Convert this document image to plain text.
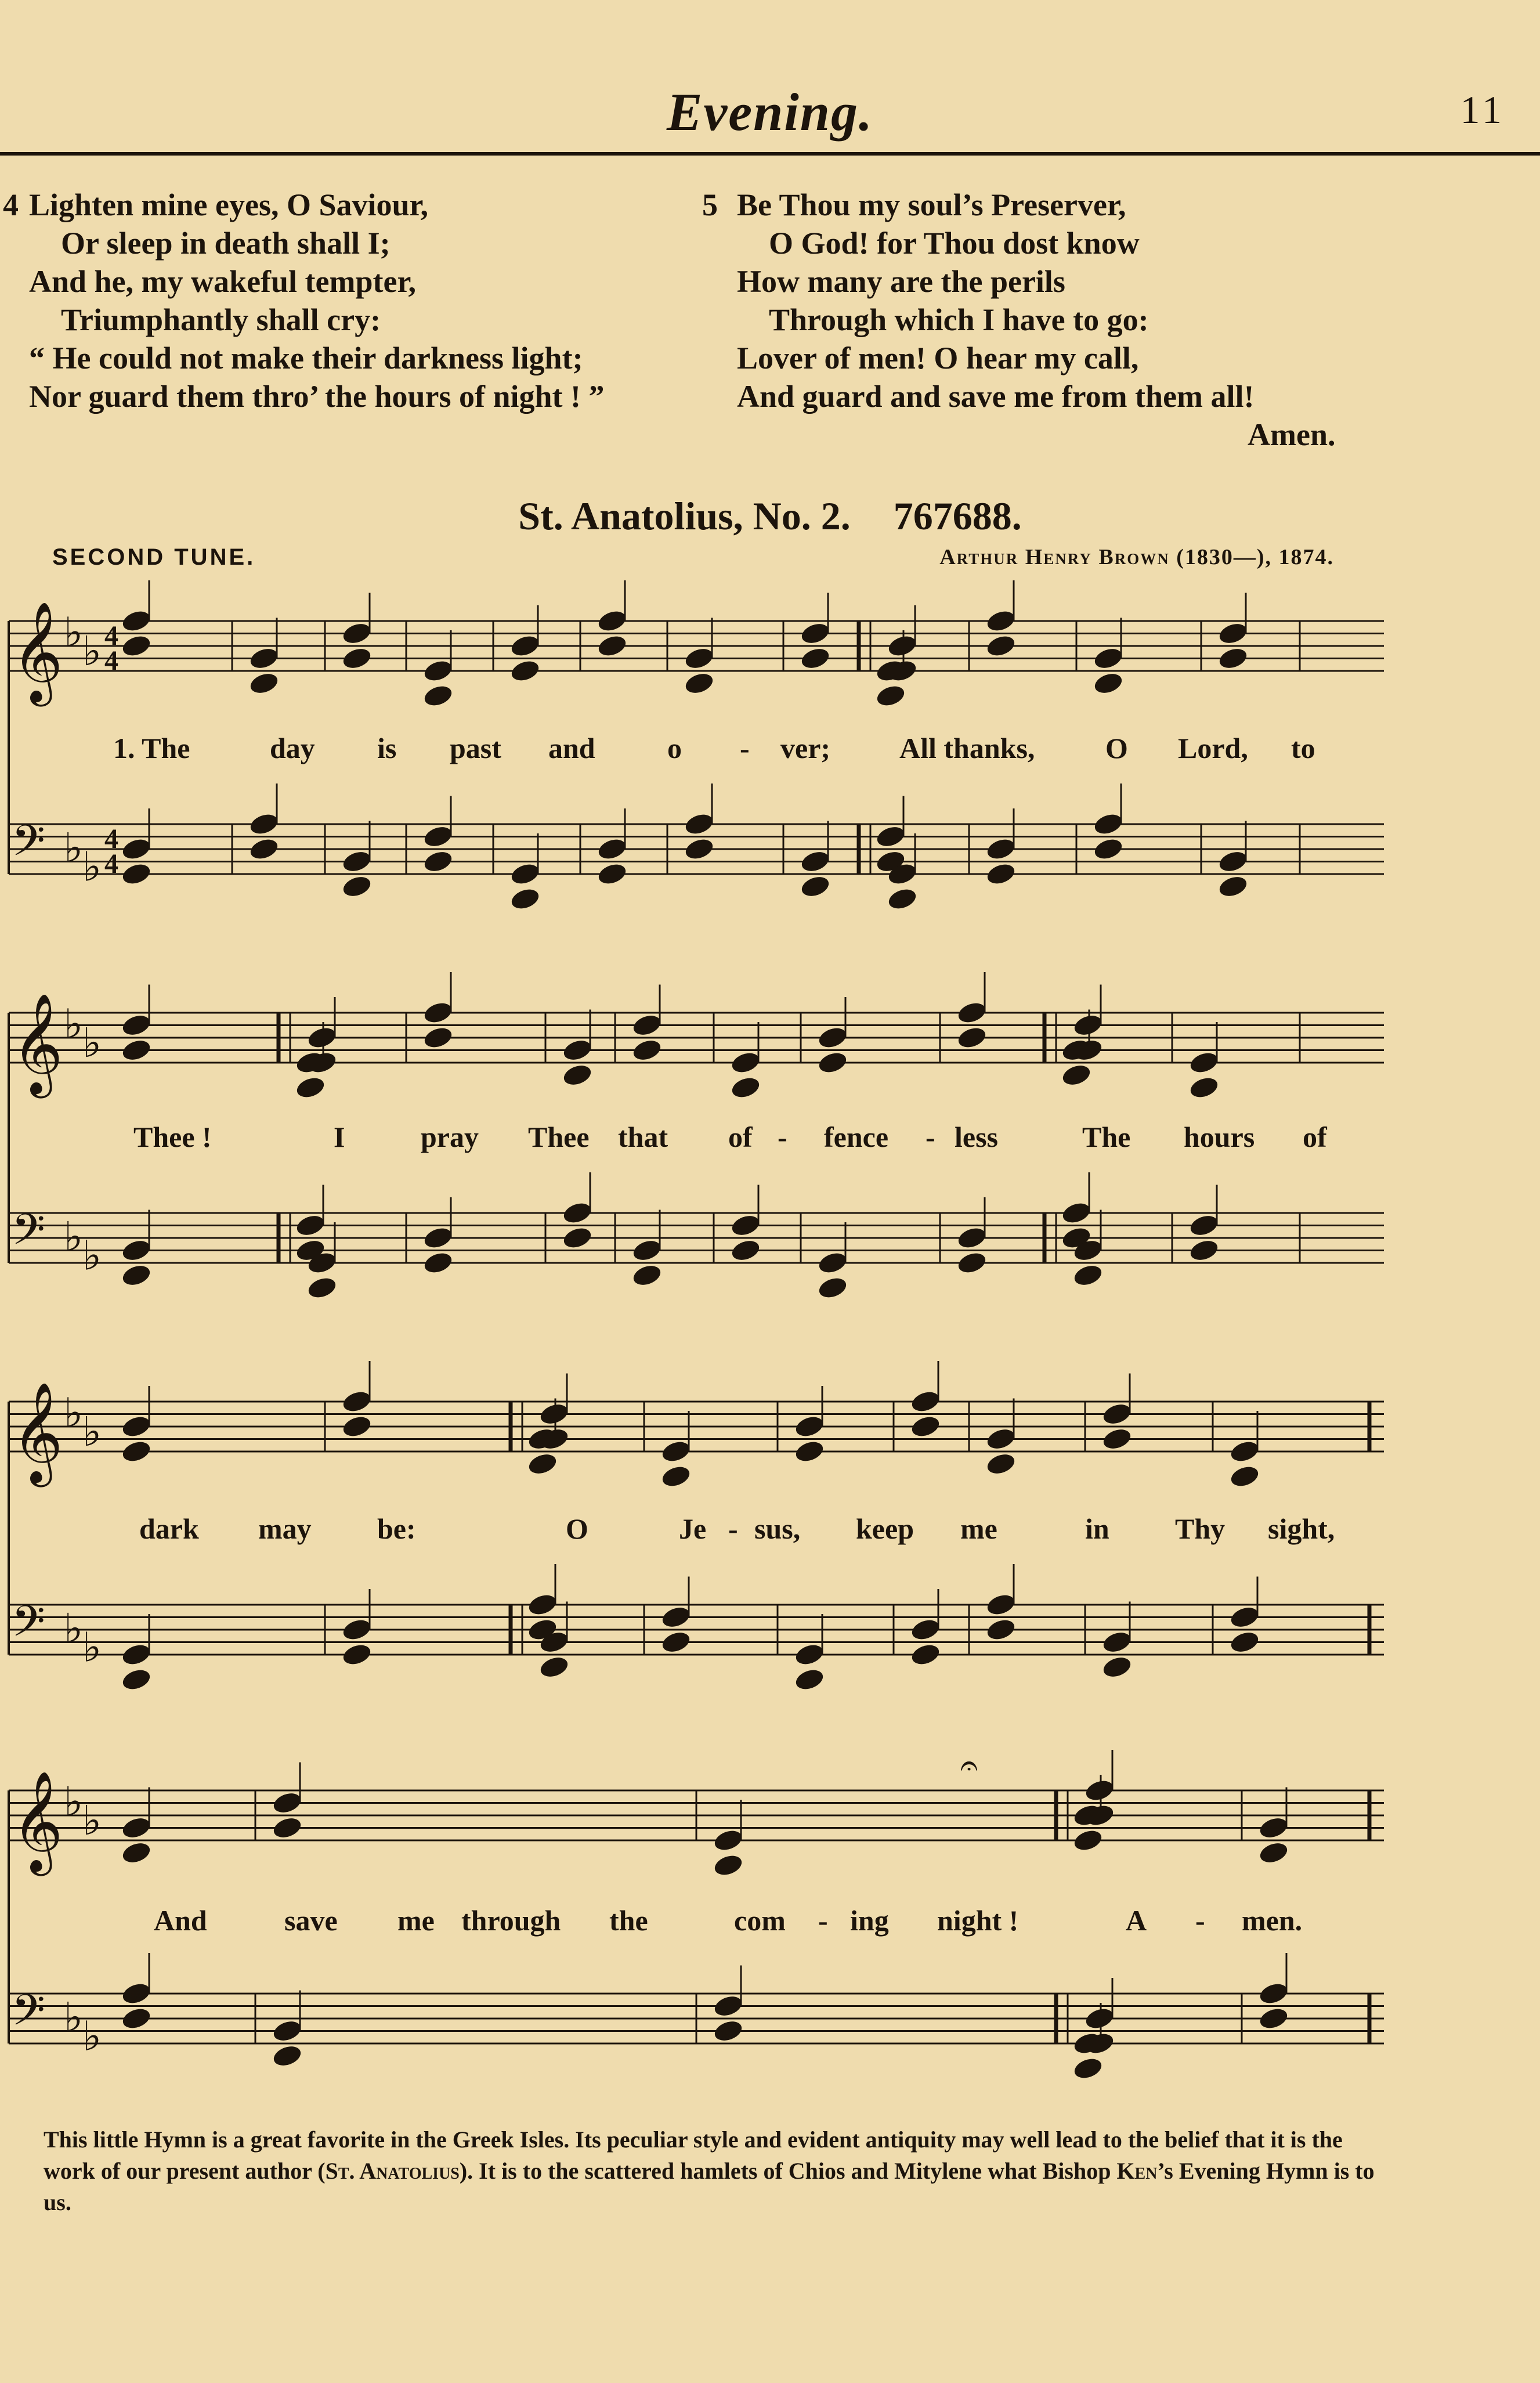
Evening.	11
4 Lighten mine eyes, O Saviour,
Or sleep in death shall I;
And he, my wakeful tempter,
Triumphantly shall cry:
“ He could not make their darkness light;
Nor guard them thro’ the hours of night ! ”
5 Be Thou my soul’s Preserver,
O God! for Thou dost know
How many are the perils
Through which I have to go:
Lover of men! O hear my call,
And guard and save me from them all!
Amen.
St. Anatolius, No. 2. 767688.
SECOND TUNE.	Arthur Henry Brown (1830—), 1874.
𝄞 ♭
♭
𝄢 ♭
♭
𝄞 ♭
♭
𝄢 ♭
♭
𝄞 ♭
♭
𝄢 ♭
♭
𝄞 ♭
♭
𝄢 ♭
♭
4
4
4
4
𝄐
1. The	day is past and o - ver; All thanks, O Lord, to
Thee !	I	pray Thee that of - fence - less	The hours of
dark may be:	O	Je - sus, keep me	in Thy sight,
And	save me through the	com - ing night !	A - men.
This little Hymn is a great favorite in the Greek Isles. Its peculiar style and evident antiquity may well lead to the belief that it is the work of our present author (St. Anatolius). It is to the scattered hamlets of Chios and Mitylene what Bishop Ken’s Evening Hymn is to us.
